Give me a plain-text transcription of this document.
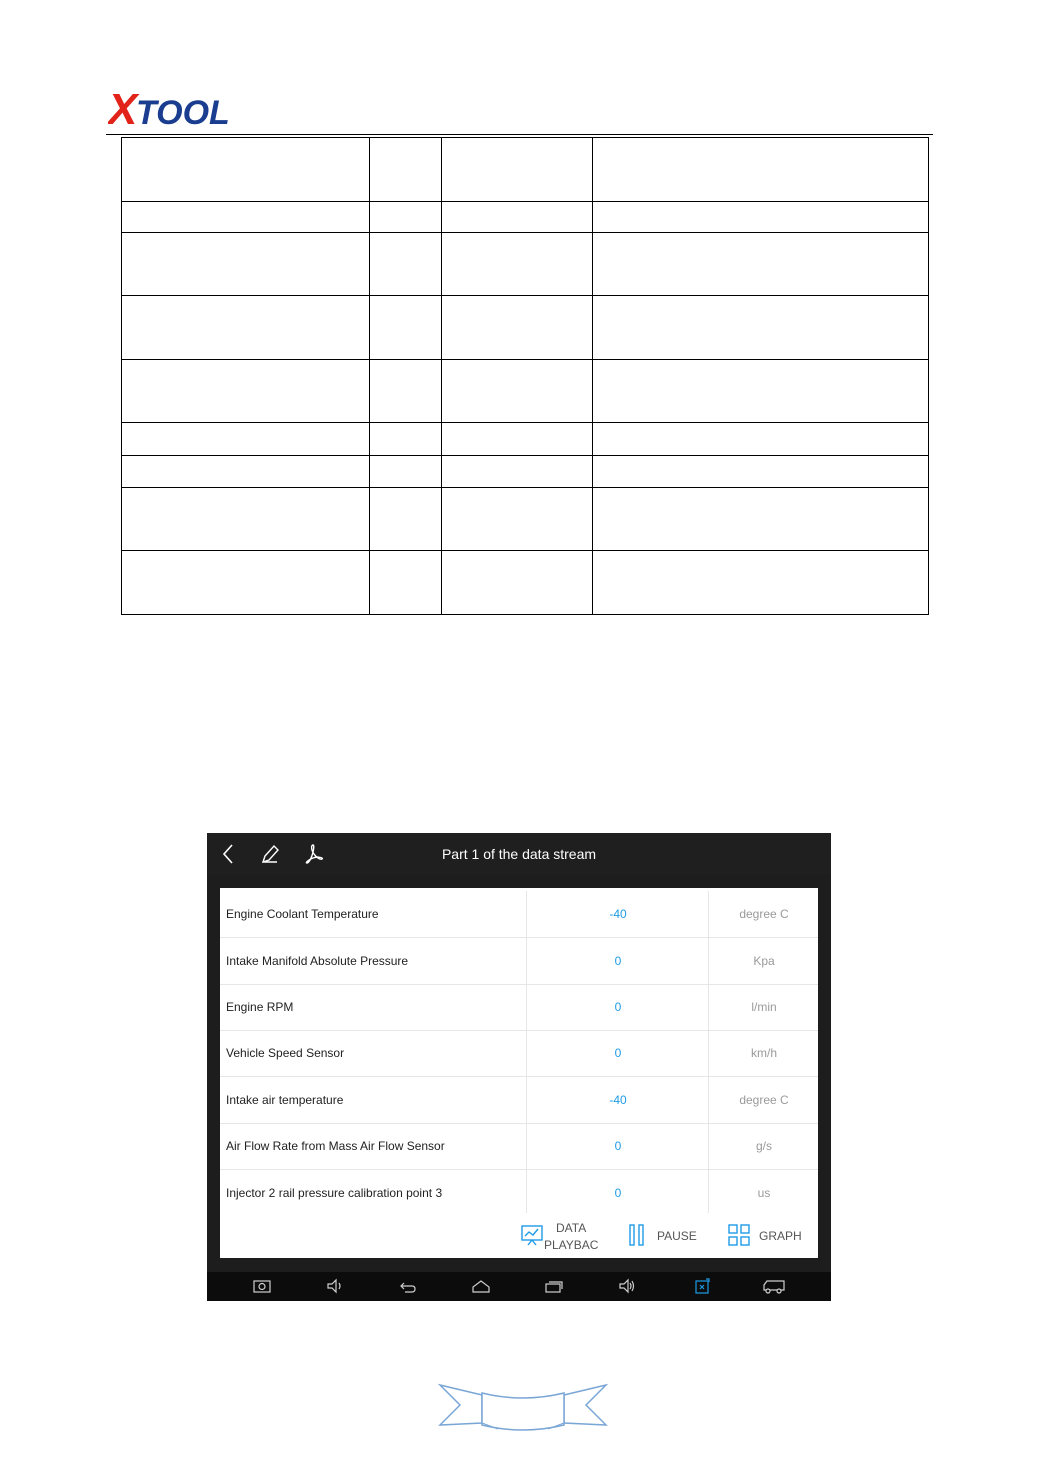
X
TOOL

Part 1 of the data stream
Engine Coolant Temperature	-40	degree C
Intake Manifold Absolute Pressure	0	Kpa
Engine RPM	0	l/min
Vehicle Speed Sensor	0	km/h
Intake air temperature	-40	degree C
Air Flow Rate from Mass Air Flow Sensor	0	g/s
Injector 2 rail pressure calibration point 3	0	us
DATA
PLAYBAC
PAUSE	GRAPH
